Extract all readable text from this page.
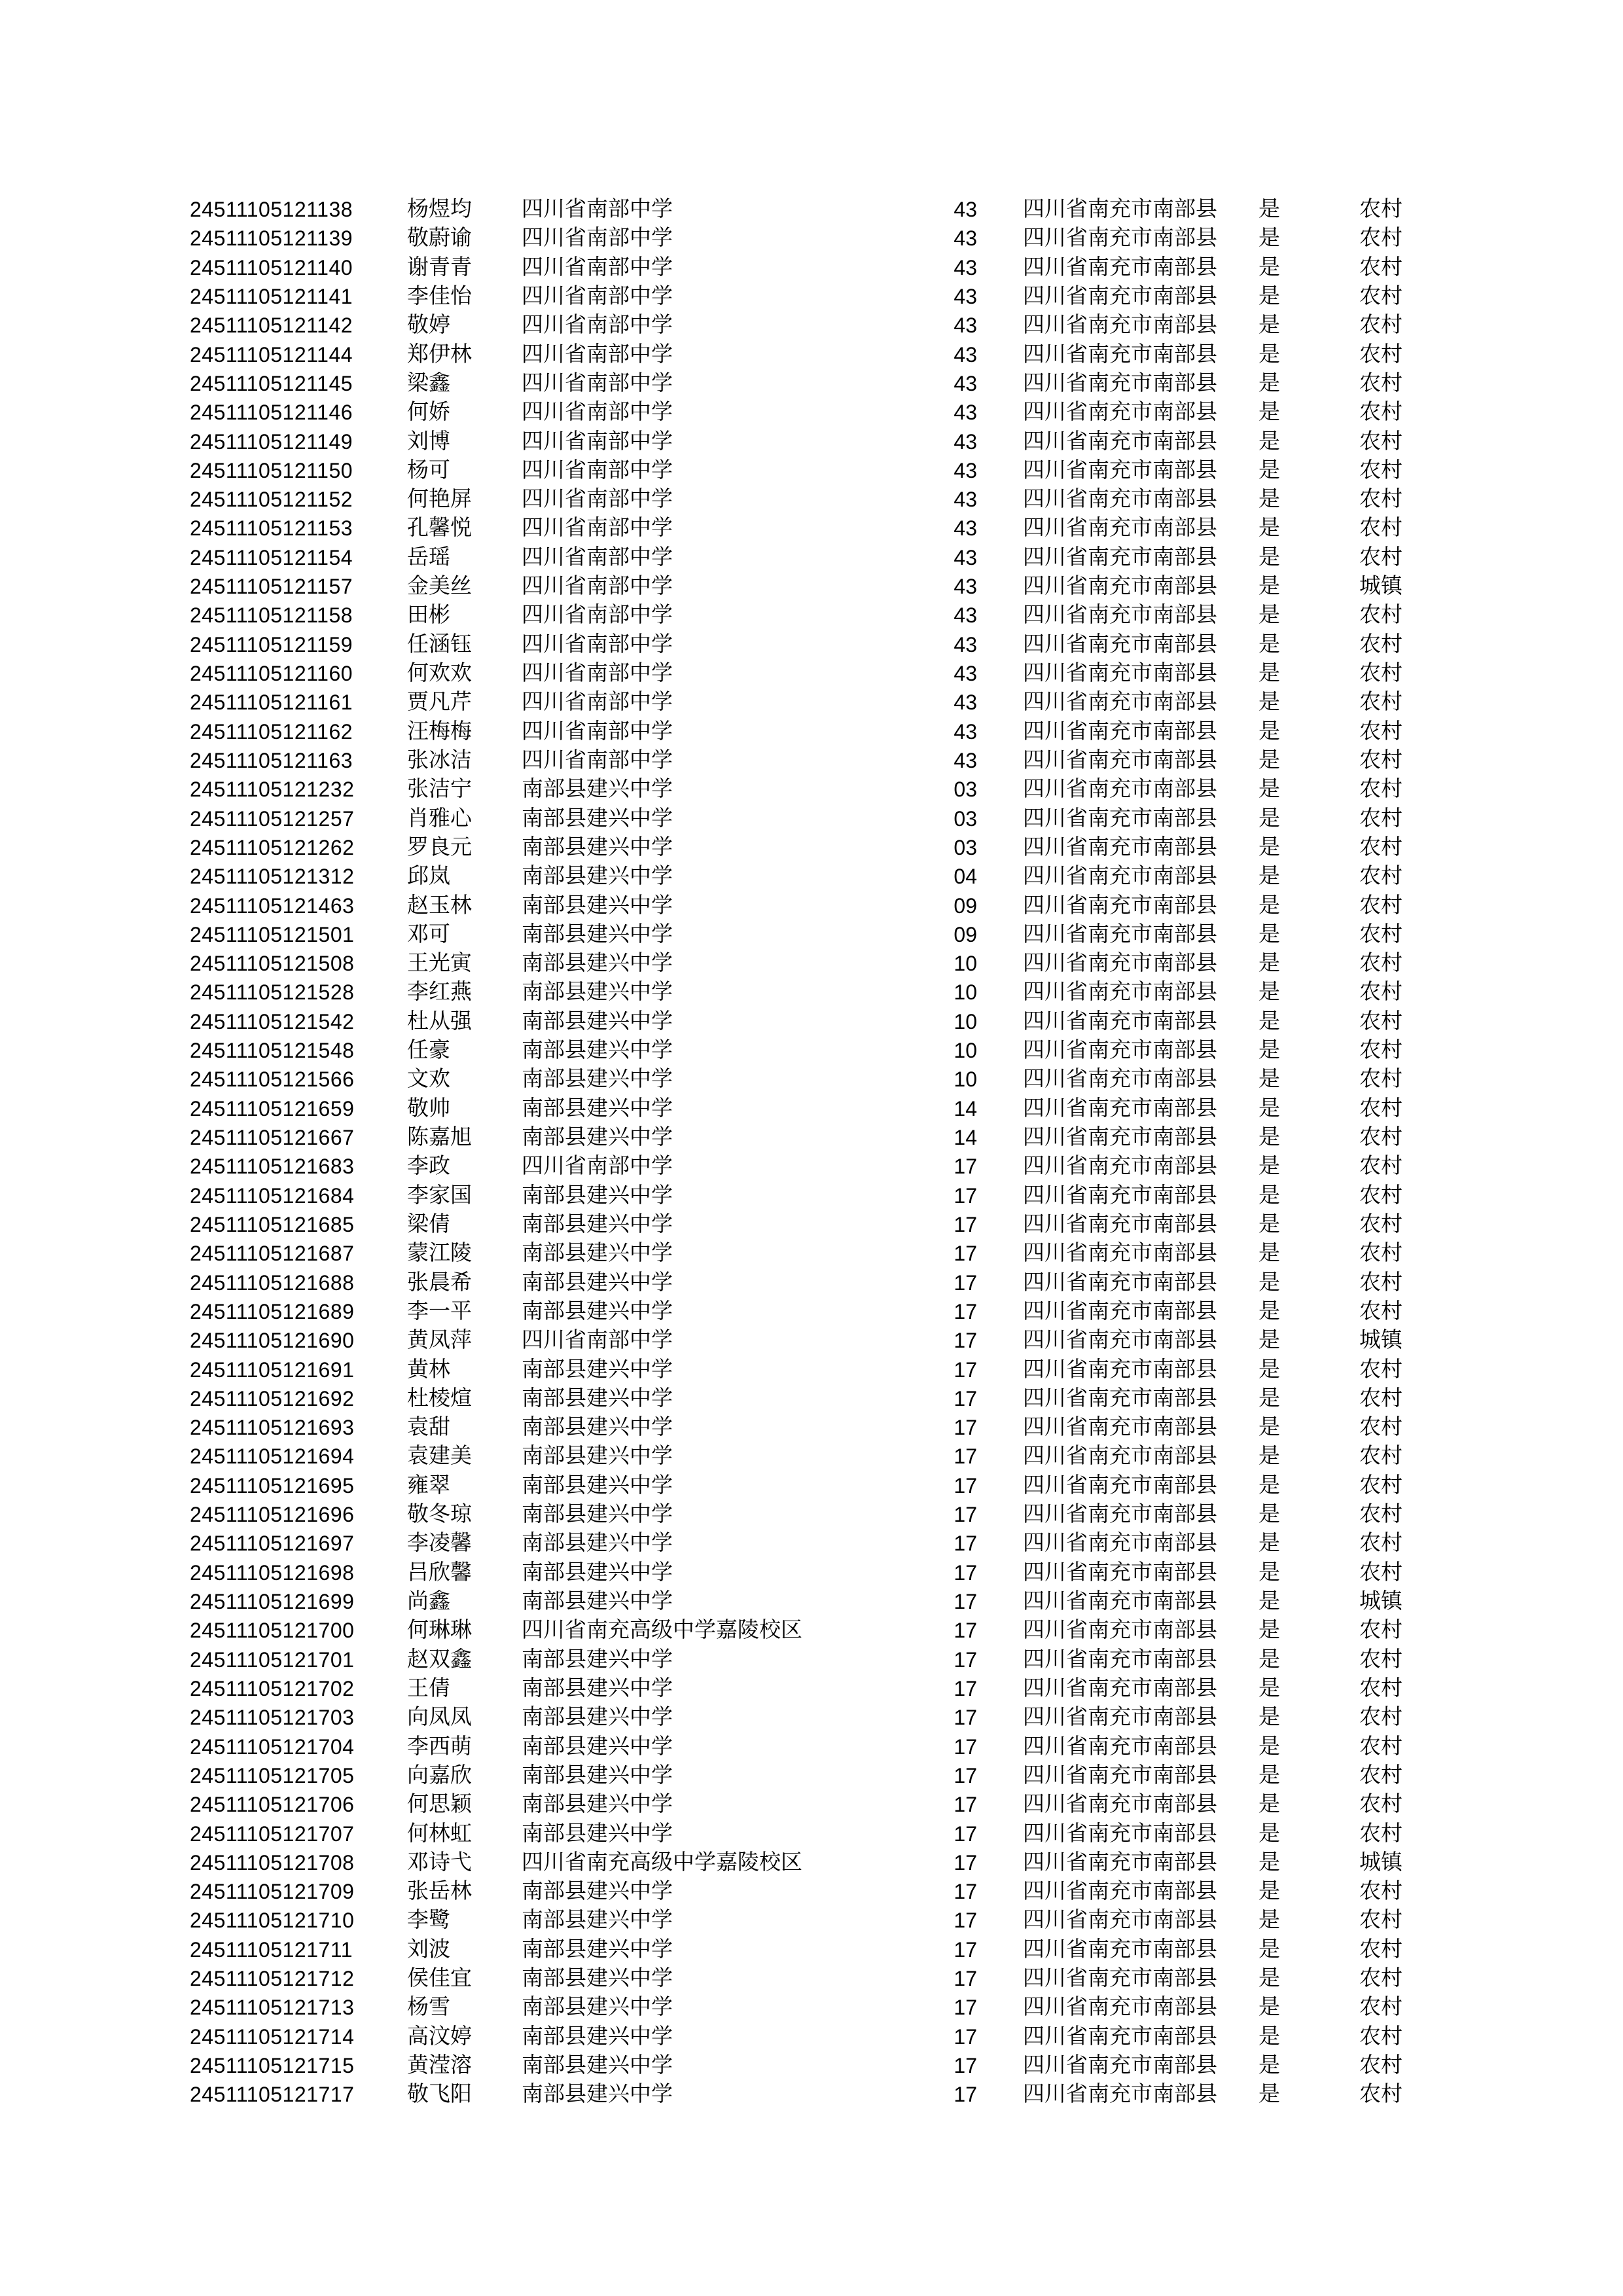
24511105121138	杨煜均	四川省南部中学	43	四川省南充市南部县	是	农村
24511105121139	敬蔚谕	四川省南部中学	43	四川省南充市南部县	是	农村
24511105121140	谢青青	四川省南部中学	43	四川省南充市南部县	是	农村
24511105121141	李佳怡	四川省南部中学	43	四川省南充市南部县	是	农村
24511105121142	敬婷	四川省南部中学	43	四川省南充市南部县	是	农村
24511105121144	郑伊林	四川省南部中学	43	四川省南充市南部县	是	农村
24511105121145	梁鑫	四川省南部中学	43	四川省南充市南部县	是	农村
24511105121146	何娇	四川省南部中学	43	四川省南充市南部县	是	农村
24511105121149	刘博	四川省南部中学	43	四川省南充市南部县	是	农村
24511105121150	杨可	四川省南部中学	43	四川省南充市南部县	是	农村
24511105121152	何艳屏	四川省南部中学	43	四川省南充市南部县	是	农村
24511105121153	孔馨悦	四川省南部中学	43	四川省南充市南部县	是	农村
24511105121154	岳瑶	四川省南部中学	43	四川省南充市南部县	是	农村
24511105121157	金美丝	四川省南部中学	43	四川省南充市南部县	是	城镇
24511105121158	田彬	四川省南部中学	43	四川省南充市南部县	是	农村
24511105121159	任涵钰	四川省南部中学	43	四川省南充市南部县	是	农村
24511105121160	何欢欢	四川省南部中学	43	四川省南充市南部县	是	农村
24511105121161	贾凡芹	四川省南部中学	43	四川省南充市南部县	是	农村
24511105121162	汪梅梅	四川省南部中学	43	四川省南充市南部县	是	农村
24511105121163	张冰洁	四川省南部中学	43	四川省南充市南部县	是	农村
24511105121232	张洁宁	南部县建兴中学	03	四川省南充市南部县	是	农村
24511105121257	肖雅心	南部县建兴中学	03	四川省南充市南部县	是	农村
24511105121262	罗良元	南部县建兴中学	03	四川省南充市南部县	是	农村
24511105121312	邱岚	南部县建兴中学	04	四川省南充市南部县	是	农村
24511105121463	赵玉林	南部县建兴中学	09	四川省南充市南部县	是	农村
24511105121501	邓可	南部县建兴中学	09	四川省南充市南部县	是	农村
24511105121508	王光寅	南部县建兴中学	10	四川省南充市南部县	是	农村
24511105121528	李红燕	南部县建兴中学	10	四川省南充市南部县	是	农村
24511105121542	杜从强	南部县建兴中学	10	四川省南充市南部县	是	农村
24511105121548	任豪	南部县建兴中学	10	四川省南充市南部县	是	农村
24511105121566	文欢	南部县建兴中学	10	四川省南充市南部县	是	农村
24511105121659	敬帅	南部县建兴中学	14	四川省南充市南部县	是	农村
24511105121667	陈嘉旭	南部县建兴中学	14	四川省南充市南部县	是	农村
24511105121683	李政	四川省南部中学	17	四川省南充市南部县	是	农村
24511105121684	李家国	南部县建兴中学	17	四川省南充市南部县	是	农村
24511105121685	梁倩	南部县建兴中学	17	四川省南充市南部县	是	农村
24511105121687	蒙江陵	南部县建兴中学	17	四川省南充市南部县	是	农村
24511105121688	张晨希	南部县建兴中学	17	四川省南充市南部县	是	农村
24511105121689	李一平	南部县建兴中学	17	四川省南充市南部县	是	农村
24511105121690	黄凤萍	四川省南部中学	17	四川省南充市南部县	是	城镇
24511105121691	黄林	南部县建兴中学	17	四川省南充市南部县	是	农村
24511105121692	杜棱煊	南部县建兴中学	17	四川省南充市南部县	是	农村
24511105121693	袁甜	南部县建兴中学	17	四川省南充市南部县	是	农村
24511105121694	袁建美	南部县建兴中学	17	四川省南充市南部县	是	农村
24511105121695	雍翠	南部县建兴中学	17	四川省南充市南部县	是	农村
24511105121696	敬冬琼	南部县建兴中学	17	四川省南充市南部县	是	农村
24511105121697	李凌馨	南部县建兴中学	17	四川省南充市南部县	是	农村
24511105121698	吕欣馨	南部县建兴中学	17	四川省南充市南部县	是	农村
24511105121699	尚鑫	南部县建兴中学	17	四川省南充市南部县	是	城镇
24511105121700	何琳琳	四川省南充高级中学嘉陵校区	17	四川省南充市南部县	是	农村
24511105121701	赵双鑫	南部县建兴中学	17	四川省南充市南部县	是	农村
24511105121702	王倩	南部县建兴中学	17	四川省南充市南部县	是	农村
24511105121703	向凤凤	南部县建兴中学	17	四川省南充市南部县	是	农村
24511105121704	李西萌	南部县建兴中学	17	四川省南充市南部县	是	农村
24511105121705	向嘉欣	南部县建兴中学	17	四川省南充市南部县	是	农村
24511105121706	何思颖	南部县建兴中学	17	四川省南充市南部县	是	农村
24511105121707	何林虹	南部县建兴中学	17	四川省南充市南部县	是	农村
24511105121708	邓诗弋	四川省南充高级中学嘉陵校区	17	四川省南充市南部县	是	城镇
24511105121709	张岳林	南部县建兴中学	17	四川省南充市南部县	是	农村
24511105121710	李鹭	南部县建兴中学	17	四川省南充市南部县	是	农村
24511105121711	刘波	南部县建兴中学	17	四川省南充市南部县	是	农村
24511105121712	侯佳宜	南部县建兴中学	17	四川省南充市南部县	是	农村
24511105121713	杨雪	南部县建兴中学	17	四川省南充市南部县	是	农村
24511105121714	高汶婷	南部县建兴中学	17	四川省南充市南部县	是	农村
24511105121715	黄滢溶	南部县建兴中学	17	四川省南充市南部县	是	农村
24511105121717	敬飞阳	南部县建兴中学	17	四川省南充市南部县	是	农村
